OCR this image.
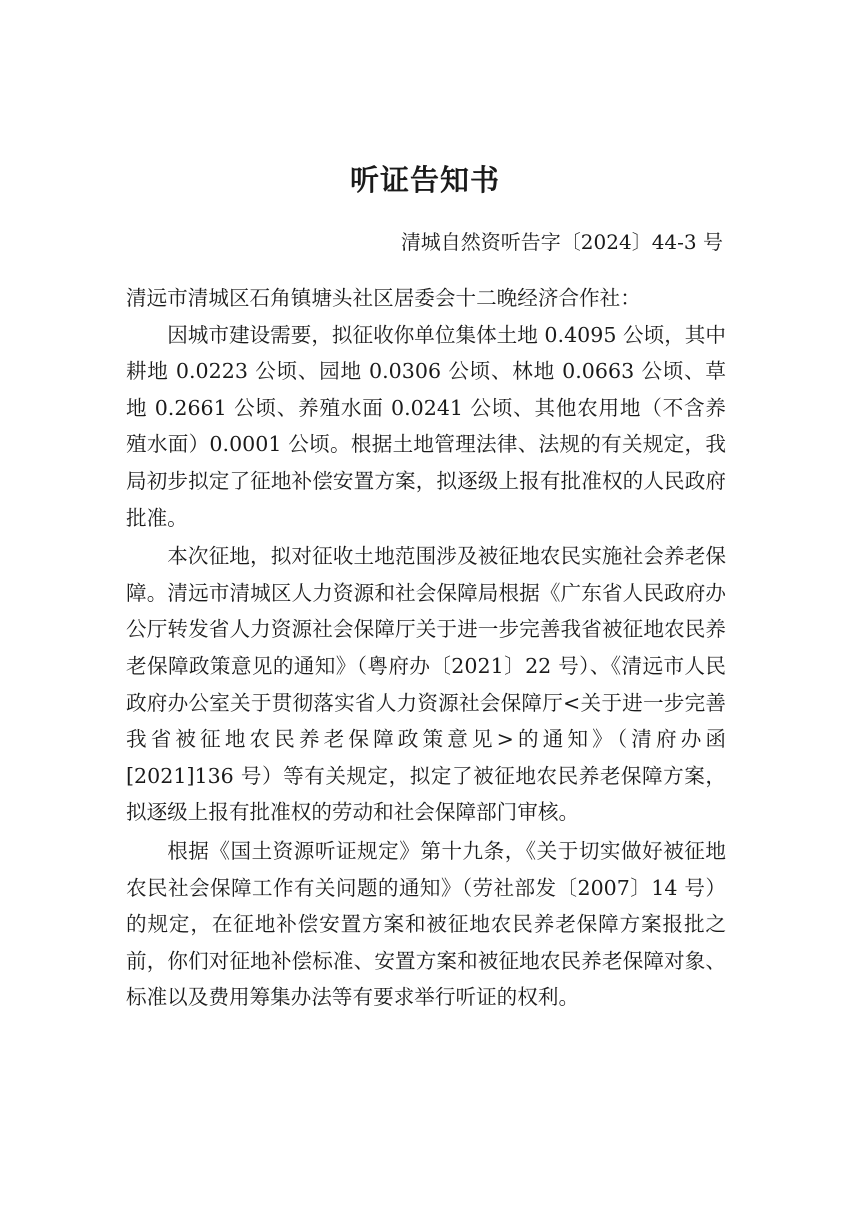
听证告知书
清城自然资听告字〔2024〕44-3 号

清远市清城区石角镇塘头社区居委会十二晚经济合作社：

因城市建设需要，拟征收你单位集体土地 0.4095 公顷，其中耕地 0.0223 公顷、园地 0.0306 公顷、林地 0.0663 公顷、草地 0.2661 公顷、养殖水面 0.0241 公顷、其他农用地（不含养殖水面）0.0001 公顷。根据土地管理法律、法规的有关规定，我局初步拟定了征地补偿安置方案，拟逐级上报有批准权的人民政府批准。

本次征地，拟对征收土地范围涉及被征地农民实施社会养老保障。清远市清城区人力资源和社会保障局根据《广东省人民政府办公厅转发省人力资源社会保障厅关于进一步完善我省被征地农民养老保障政策意见的通知》（粤府办〔2021〕22 号）、《清远市人民政府办公室关于贯彻落实省人力资源社会保障厅<关于进一步完善我省被征地农民养老保障政策意见>的通知》（清府办函[2021]136 号）等有关规定，拟定了被征地农民养老保障方案，拟逐级上报有批准权的劳动和社会保障部门审核。

根据《国土资源听证规定》第十九条，《关于切实做好被征地农民社会保障工作有关问题的通知》（劳社部发〔2007〕14 号）的规定，在征地补偿安置方案和被征地农民养老保障方案报批之前，你们对征地补偿标准、安置方案和被征地农民养老保障对象、标准以及费用筹集办法等有要求举行听证的权利。
